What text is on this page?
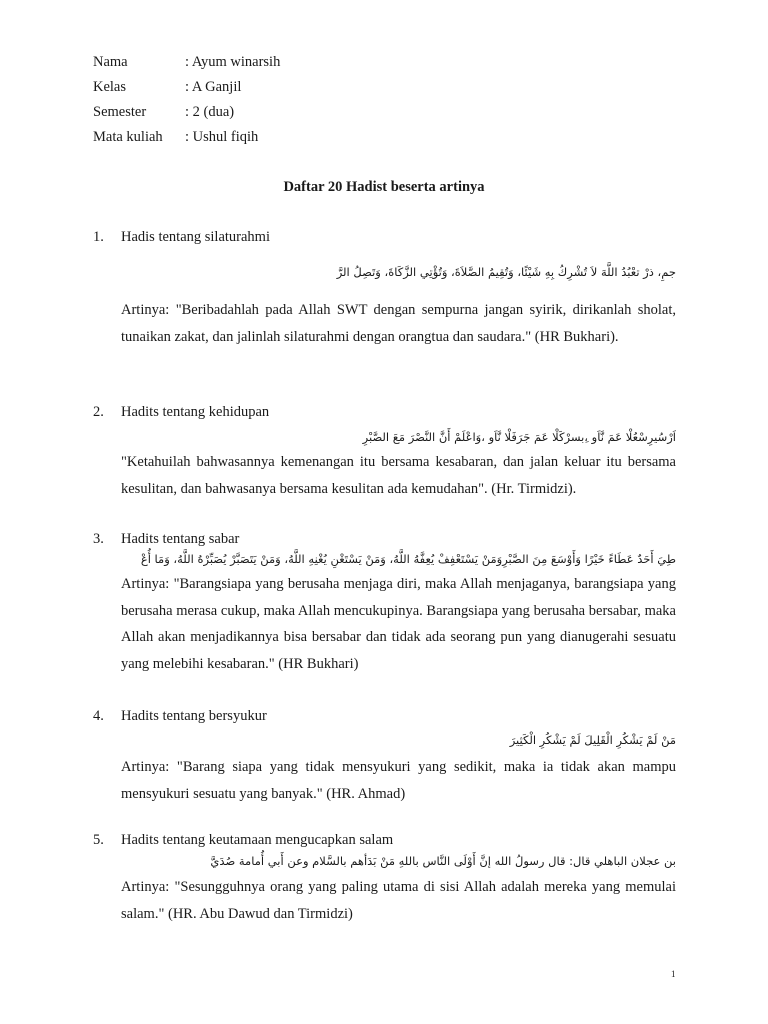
Nama	: Ayum winarsih
Kelas	: A Ganjil
Semester	: 2 (dua)
Mata kuliah : Ushul fiqih
Daftar 20 Hadist beserta artinya
1. Hadis tentang silaturahmi
جمِ، ذرْ تعْبُدُ اللَّهَ لاَ تُشْرِكُ بِهِ شَيْئًا، وَتُقِيمُ الصَّلاَةَ، وَتُؤْتِي الزَّكَاةَ، وَتَصِلُ الرَّ
Artinya: "Beribadahlah pada Allah SWT dengan sempurna jangan syirik, dirikanlah sholat, tunaikan zakat, dan jalinlah silaturahmi dengan orangtua dan saudara." (HR Bukhari).
2. Hadits tentang kehidupan
اَرْسُيرِسْعُلْا عَمَ نَّاَو ،ِبسرْكَلْا عَمَ جَرَفَلْا نَّاَو ،وَاعْلَمْ أَنَّ النَّصْرَ مَعَ الصَّبْرِ
"Ketahuilah bahwasannya kemenangan itu bersama kesabaran, dan jalan keluar itu bersama kesulitan, dan bahwasanya bersama kesulitan ada kemudahan". (Hr. Tirmidzi).
3. Hadits tentang sabar
طِيَ أَحَدٌ عَطَاءً خَيْرًا وَأَوْسَعَ مِنَ الصَّبْرِوَمَنْ يَسْتَعْفِفْ يُعِفَّهُ اللَّهُ، وَمَنْ يَسْتَغْنِ يُغْنِهِ اللَّهُ، وَمَنْ يَتَصَبَّرْ يُصَبِّرْهُ اللَّهُ، وَمَا أُعْ
Artinya: "Barangsiapa yang berusaha menjaga diri, maka Allah menjaganya, barangsiapa yang berusaha merasa cukup, maka Allah mencukupinya. Barangsiapa yang berusaha bersabar, maka Allah akan menjadikannya bisa bersabar dan tidak ada seorang pun yang dianugerahi sesuatu yang melebihi kesabaran." (HR Bukhari)
4. Hadits tentang bersyukur
مَنْ لَمْ يَشْكُرِ الْقَلِيلَ لَمْ يَشْكُرِ الْكَثِيرَ
Artinya: "Barang siapa yang tidak mensyukuri yang sedikit, maka ia tidak akan mampu mensyukuri sesuatu yang banyak." (HR. Ahmad)
5. Hadits tentang keutamaan mengucapkan salam
بن عجلان الباهلي قال: قال رسولُ الله إنَّ أَوْلَى النَّاس باللهِ مَنْ بَدَأهم بالسَّلام وعن أَبي أُمامة صُدَيَّ
Artinya: "Sesungguhnya orang yang paling utama di sisi Allah adalah mereka yang memulai salam." (HR. Abu Dawud dan Tirmidzi)
1
